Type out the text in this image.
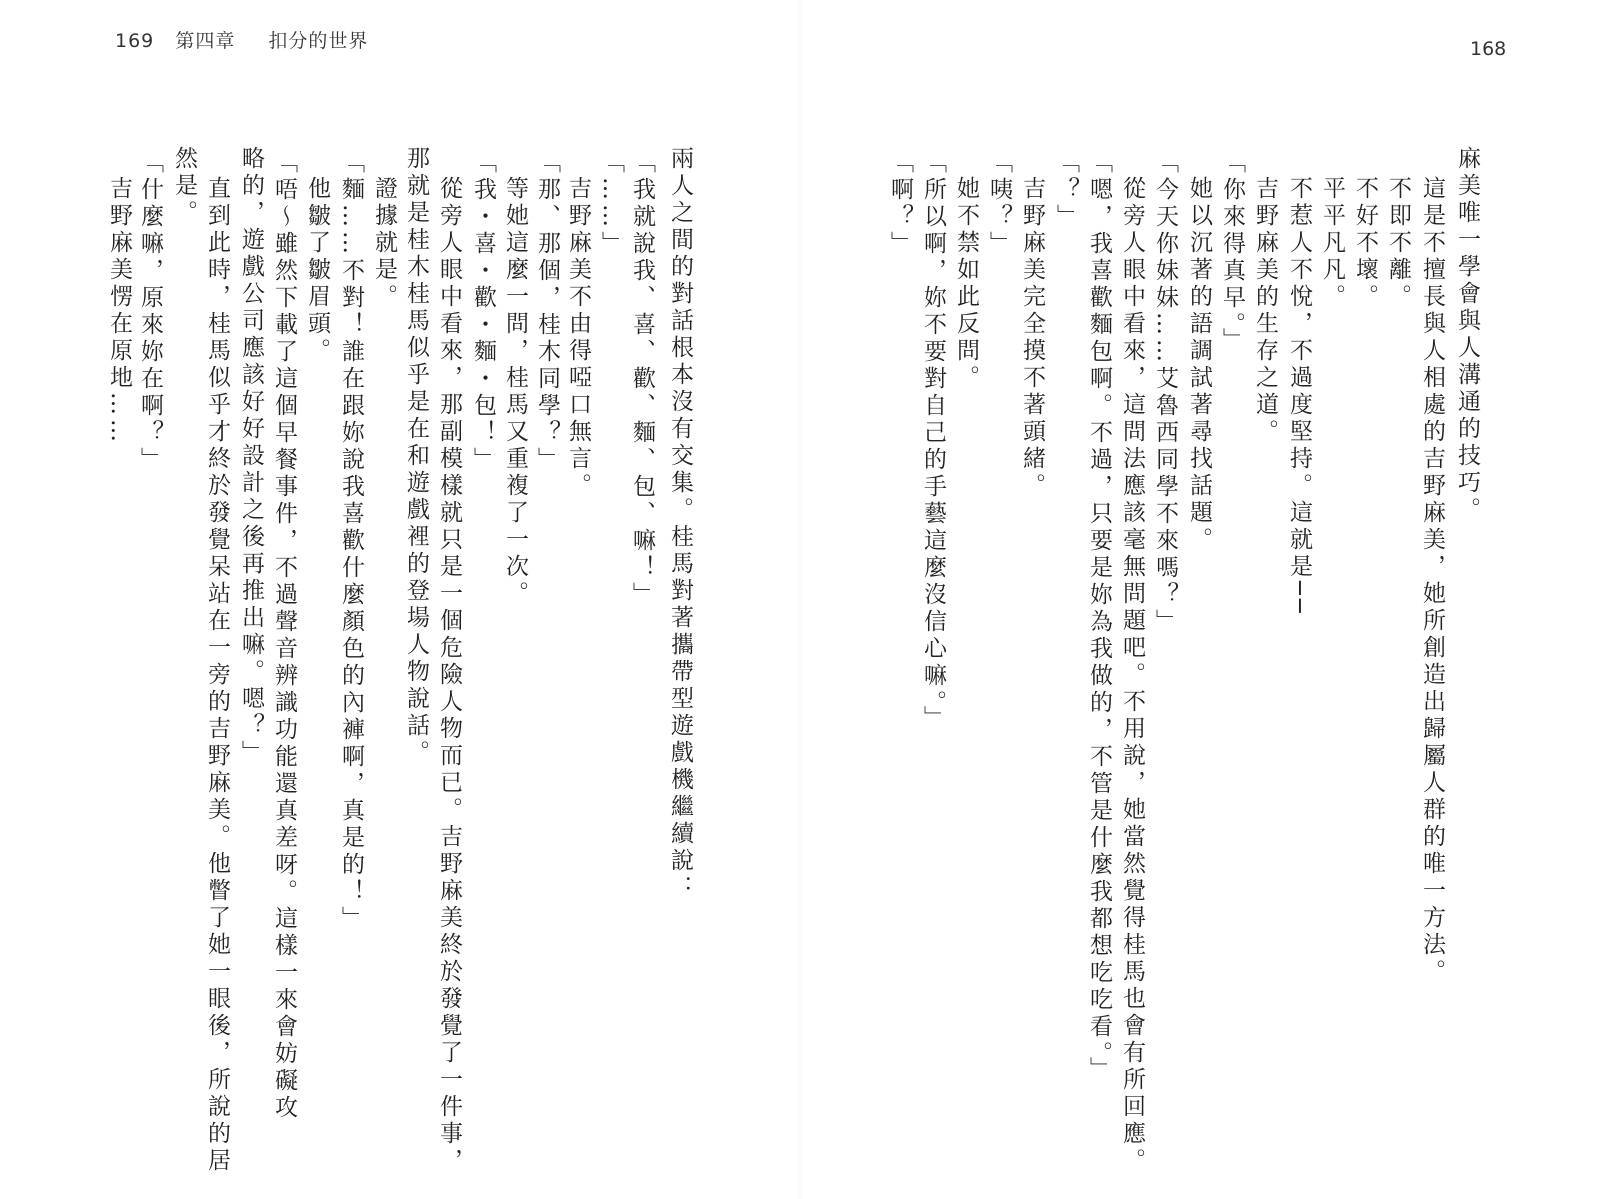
169 第四章 扣分的世界
兩人之間的對話根本沒有交集。桂馬對著攜帶型遊戲機繼續說：
「我就說我、喜、歡、麵、包、嘛！」
「……」
吉野麻美不由得啞口無言。
「那、那個，桂木同學？」
等她這麼一問，桂馬又重複了一次。
「我・喜・歡・麵・包！」
從旁人眼中看來，那副模樣就只是一個危險人物而已。吉野麻美終於發覺了一件事，
那就是桂木桂馬似乎是在和遊戲裡的登場人物說話。
證據就是。
「麵……不對！誰在跟妳說我喜歡什麼顏色的內褲啊，真是的！」
他皺了皺眉頭。
「唔～雖然下載了這個早餐事件，不過聲音辨識功能還真差呀。這樣一來會妨礙攻
略的，遊戲公司應該好好設計之後再推出嘛。嗯？」
直到此時，桂馬似乎才終於發覺呆站在一旁的吉野麻美。他瞥了她一眼後，所說的居
然是。
「什麼嘛，原來妳在啊？」
吉野麻美愣在原地……
168
麻美唯一學會與人溝通的技巧。
這是不擅長與人相處的吉野麻美，她所創造出歸屬人群的唯一方法。
不即不離。
不好不壞。
平平凡凡。
不惹人不悅，不過度堅持。這就是──
吉野麻美的生存之道。
「你來得真早。」
她以沉著的語調試著尋找話題。
「今天你妹妹……艾魯西同學不來嗎？」
從旁人眼中看來，這問法應該毫無問題吧。不用說，她當然覺得桂馬也會有所回應。
「嗯，我喜歡麵包啊。不過，只要是妳為我做的，不管是什麼我都想吃吃看。」
「？」
吉野麻美完全摸不著頭緒。
「咦？」
她不禁如此反問。
「所以啊，妳不要對自己的手藝這麼沒信心嘛。」
「啊？」
